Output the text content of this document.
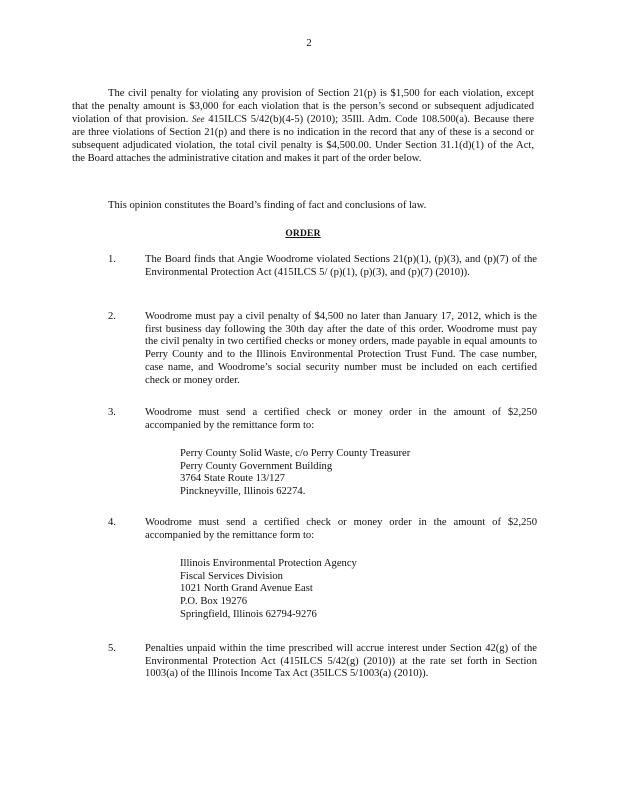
2
The civil penalty for violating any provision of Section 21(p) is $1,500 for each violation, except that the penalty amount is $3,000 for each violation that is the person’s second or subsequent adjudicated violation of that provision. See 415ILCS 5/42(b)(4-5) (2010); 35Ill. Adm. Code 108.500(a). Because there are three violations of Section 21(p) and there is no indication in the record that any of these is a second or subsequent adjudicated violation, the total civil penalty is $4,500.00. Under Section 31.1(d)(1) of the Act, the Board attaches the administrative citation and makes it part of the order below.
This opinion constitutes the Board’s finding of fact and conclusions of law.
ORDER
1.	The Board finds that Angie Woodrome violated Sections 21(p)(1), (p)(3), and (p)(7) of the Environmental Protection Act (415ILCS 5/ (p)(1), (p)(3), and (p)(7) (2010)).
2.	Woodrome must pay a civil penalty of $4,500 no later than January 17, 2012, which is the first business day following the 30th day after the date of this order. Woodrome must pay the civil penalty in two certified checks or money orders, made payable in equal amounts to Perry County and to the Illinois Environmental Protection Trust Fund. The case number, case name, and Woodrome’s social security number must be included on each certified check or money order.
3.	Woodrome must send a certified check or money order in the amount of $2,250 accompanied by the remittance form to:
Perry County Solid Waste, c/o Perry County Treasurer
Perry County Government Building
3764 State Route 13/127
Pinckneyville, Illinois 62274.
4.	Woodrome must send a certified check or money order in the amount of $2,250 accompanied by the remittance form to:
Illinois Environmental Protection Agency
Fiscal Services Division
1021 North Grand Avenue East
P.O. Box 19276
Springfield, Illinois 62794-9276
5.	Penalties unpaid within the time prescribed will accrue interest under Section 42(g) of the Environmental Protection Act (415ILCS 5/42(g) (2010)) at the rate set forth in Section 1003(a) of the Illinois Income Tax Act (35ILCS 5/1003(a) (2010)).
